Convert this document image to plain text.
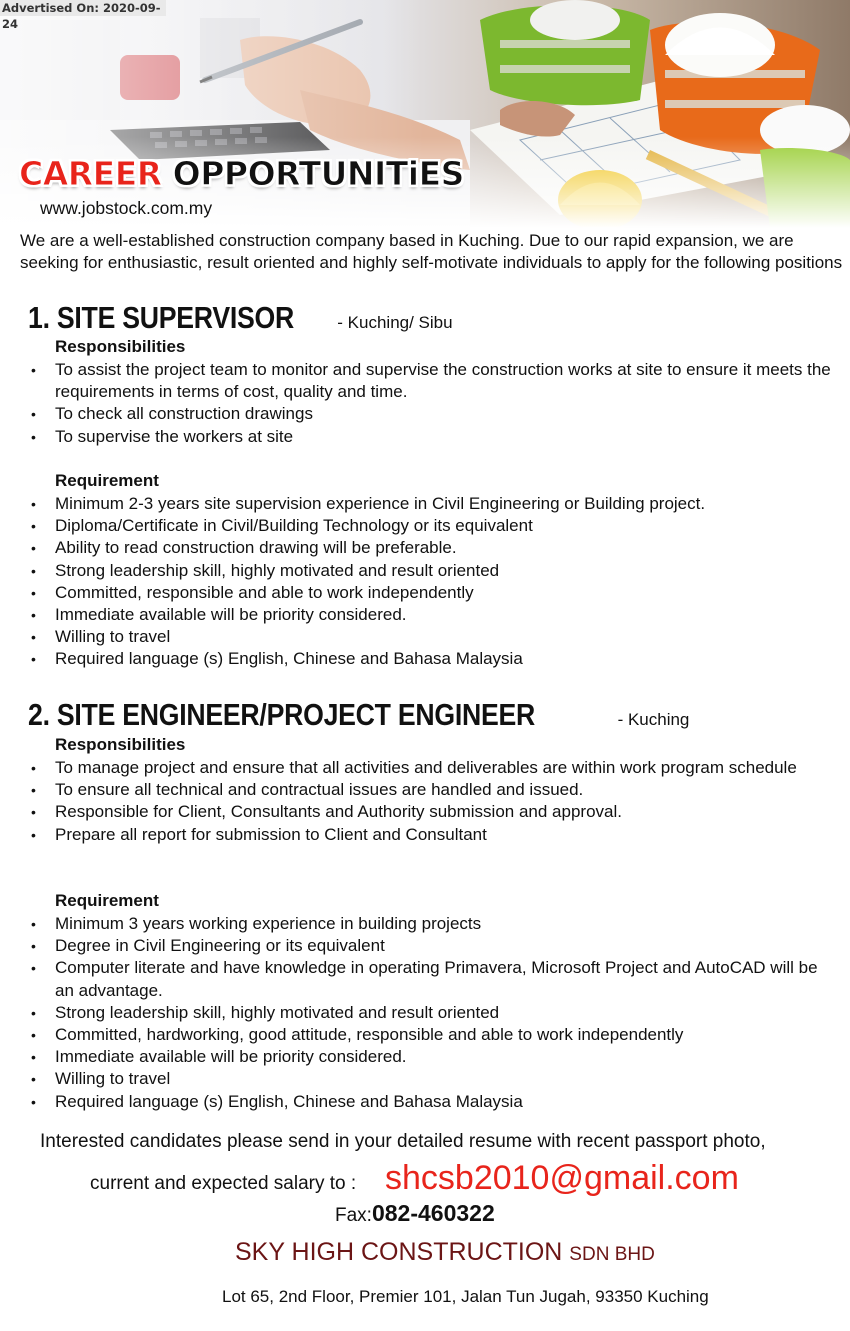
Advertised On: 2020-09-24
CAREER OPPORTUNITiES
www.jobstock.com.my

We are a well-established construction company based in Kuching. Due to our rapid expansion, we are seeking for enthusiastic, result oriented and highly self-motivate individuals to apply for the following positions

1. SITE SUPERVISOR	- Kuching/ Sibu
Responsibilities
• To assist the project team to monitor and supervise the construction works at site to ensure it meets the requirements in terms of cost, quality and time.
• To check all construction drawings
• To supervise the workers at site
Requirement
• Minimum 2-3 years site supervision experience in Civil Engineering or Building project.
• Diploma/Certificate in Civil/Building Technology or its equivalent
• Ability to read construction drawing will be preferable.
• Strong leadership skill, highly motivated and result oriented
• Committed, responsible and able to work independently
• Immediate available will be priority considered.
• Willing to travel
• Required language (s) English, Chinese and Bahasa Malaysia
2. SITE ENGINEER/PROJECT ENGINEER	- Kuching
Responsibilities
• To manage project and ensure that all activities and deliverables are within work program schedule
• To ensure all technical and contractual issues are handled and issued.
• Responsible for Client, Consultants and Authority submission and approval.
• Prepare all report for submission to Client and Consultant
Requirement
• Minimum 3 years working experience in building projects
• Degree in Civil Engineering or its equivalent
• Computer literate and have knowledge in operating Primavera, Microsoft Project and AutoCAD will be an advantage.
• Strong leadership skill, highly motivated and result oriented
• Committed, hardworking, good attitude, responsible and able to work independently
• Immediate available will be priority considered.
• Willing to travel
• Required language (s) English, Chinese and Bahasa Malaysia
Interested candidates please send in your detailed resume with recent passport photo,
current and expected salary to : shcsb2010@gmail.com
Fax:082-460322
SKY HIGH CONSTRUCTION SDN BHD
Lot 65, 2nd Floor, Premier 101, Jalan Tun Jugah, 93350 Kuching
